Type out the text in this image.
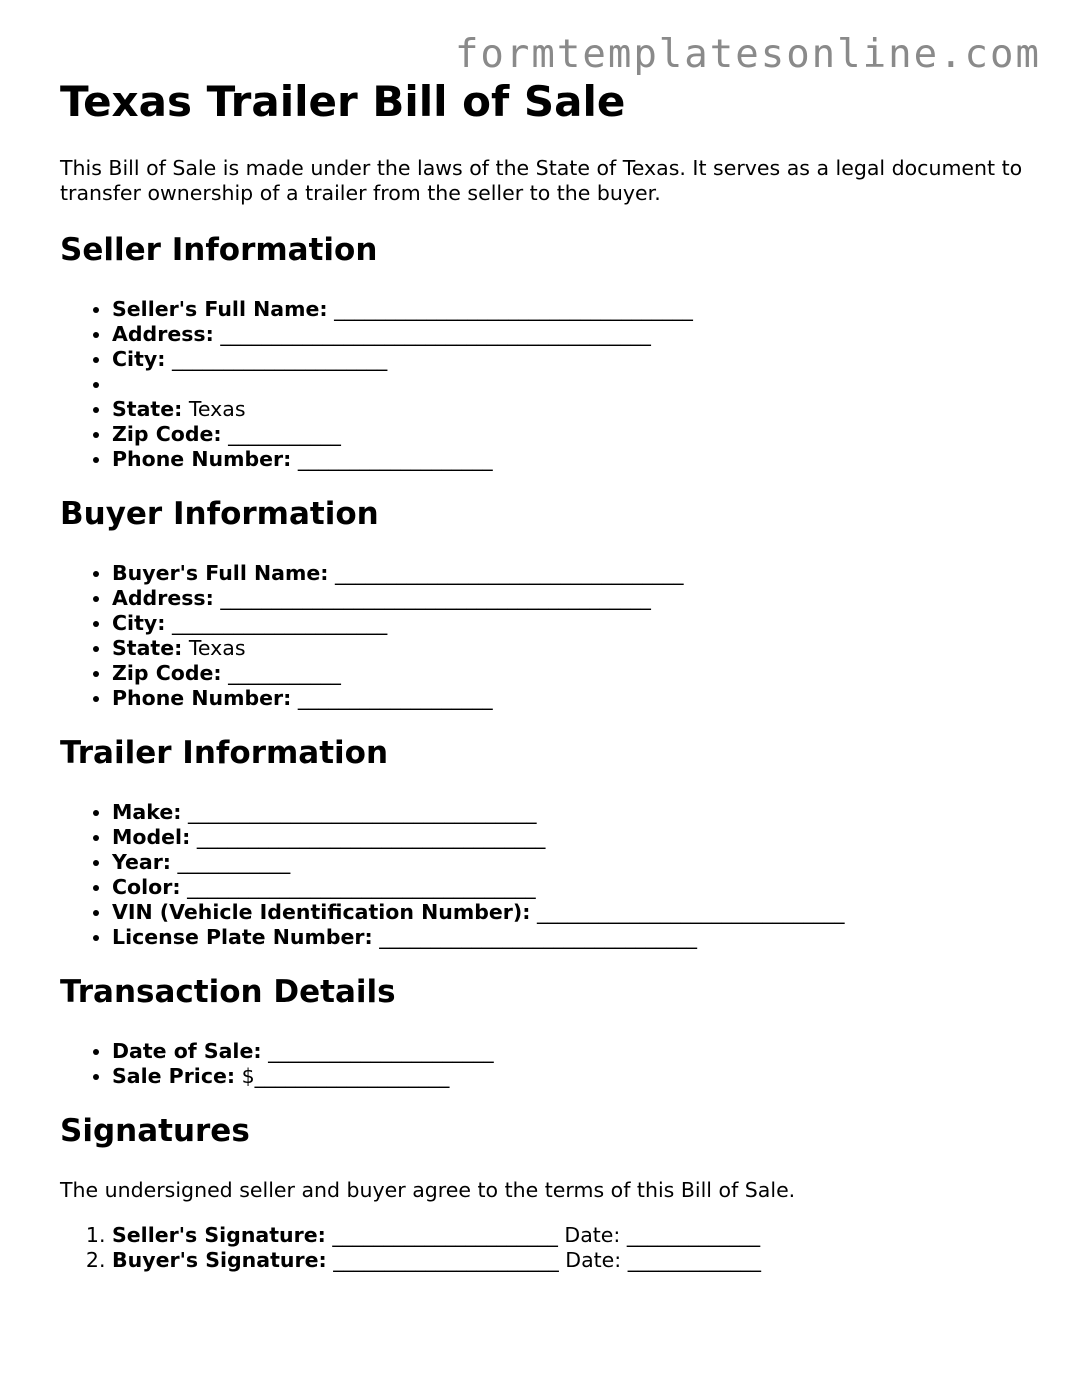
formtemplatesonline.com

Texas Trailer Bill of Sale

This Bill of Sale is made under the laws of the State of Texas. It serves as a legal document to transfer ownership of a trailer from the seller to the buyer.

Seller Information
• Seller's Full Name: ___________________________________
• Address: __________________________________________
• City: _____________________
•
• State: Texas
• Zip Code: ___________
• Phone Number: ___________________
Buyer Information
• Buyer's Full Name: __________________________________
• Address: __________________________________________
• City: _____________________
• State: Texas
• Zip Code: ___________
• Phone Number: ___________________
Trailer Information
• Make: __________________________________
• Model: __________________________________
• Year: ___________
• Color: __________________________________
• VIN (Vehicle Identification Number): ______________________________
• License Plate Number: _______________________________
Transaction Details
• Date of Sale: ______________________
• Sale Price: $___________________
Signatures

The undersigned seller and buyer agree to the terms of this Bill of Sale.

1. Seller's Signature: ______________________ Date: _____________
2. Buyer's Signature: ______________________ Date: _____________
